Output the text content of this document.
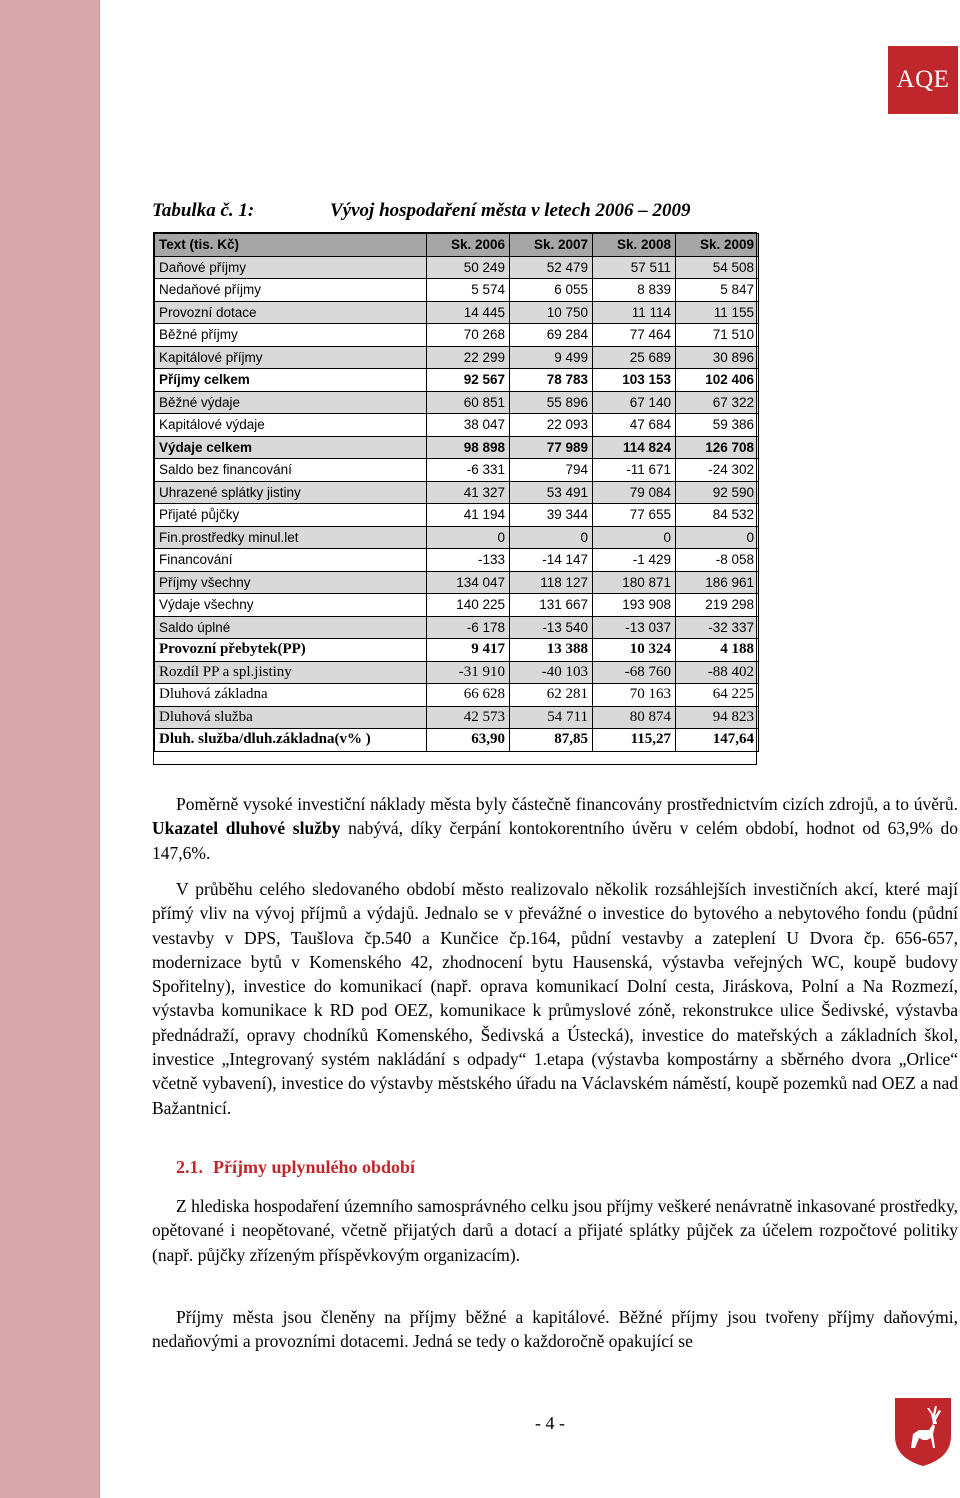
AQE
Tabulka č. 1:	Vývoj hospodaření města v letech 2006 – 2009
Text (tis. Kč)	Sk. 2006	Sk. 2007	Sk. 2008	Sk. 2009
Daňové příjmy	50 249	52 479	57 511	54 508
Nedaňové příjmy	5 574	6 055	8 839	5 847
Provozní dotace	14 445	10 750	11 114	11 155
Běžné příjmy	70 268	69 284	77 464	71 510
Kapitálové příjmy	22 299	9 499	25 689	30 896
Příjmy celkem	92 567	78 783	103 153	102 406
Běžné výdaje	60 851	55 896	67 140	67 322
Kapitálové výdaje	38 047	22 093	47 684	59 386
Výdaje celkem	98 898	77 989	114 824	126 708
Saldo bez financování	-6 331	794	-11 671	-24 302
Uhrazené splátky jistiny	41 327	53 491	79 084	92 590
Přijaté půjčky	41 194	39 344	77 655	84 532
Fin.prostředky minul.let	0	0	0	0
Financování	-133	-14 147	-1 429	-8 058
Příjmy všechny	134 047	118 127	180 871	186 961
Výdaje všechny	140 225	131 667	193 908	219 298
Saldo úplné	-6 178	-13 540	-13 037	-32 337
Provozní přebytek(PP)	9 417	13 388	10 324	4 188
Rozdíl PP a spl.jistiny	-31 910	-40 103	-68 760	-88 402
Dluhová základna	66 628	62 281	70 163	64 225
Dluhová služba	42 573	54 711	80 874	94 823
Dluh. služba/dluh.základna(v% )	63,90	87,85	115,27	147,64

Poměrně vysoké investiční náklady města byly částečně financovány prostřednictvím cizích zdrojů, a to úvěrů. Ukazatel dluhové služby nabývá, díky čerpání kontokorentního úvěru v celém období, hodnot od 63,9% do 147,6%.

V průběhu celého sledovaného období město realizovalo několik rozsáhlejších investičních akcí, které mají přímý vliv na vývoj příjmů a výdajů. Jednalo se v převážné o investice do bytového a nebytového fondu (půdní vestavby v DPS, Taušlova čp.540 a Kunčice čp.164, půdní vestavby a zateplení U Dvora čp. 656-657, modernizace bytů v Komenského 42, zhodnocení bytu Hausenská, výstavba veřejných WC, koupě budovy Spořitelny), investice do komunikací (např. oprava komunikací Dolní cesta, Jiráskova, Polní a Na Rozmezí, výstavba komunikace k RD pod OEZ, komunikace k průmyslové zóně, rekonstrukce ulice Šedivské, výstavba přednádraží, opravy chodníků Komenského, Šedivská a Ústecká), investice do mateřských a základních škol, investice „Integrovaný systém nakládání s odpady“ 1.etapa (výstavba kompostárny a sběrného dvora „Orlice“ včetně vybavení), investice do výstavby městského úřadu na Václavském náměstí, koupě pozemků nad OEZ a nad Bažantnicí.

2.1. Příjmy uplynulého období

Z hlediska hospodaření územního samosprávného celku jsou příjmy veškeré nenávratně inkasované prostředky, opětované i neopětované, včetně přijatých darů a dotací a přijaté splátky půjček za účelem rozpočtové politiky (např. půjčky zřízeným příspěvkovým organizacím).

Příjmy města jsou členěny na příjmy běžné a kapitálové. Běžné příjmy jsou tvořeny příjmy daňovými, nedaňovými a provozními dotacemi. Jedná se tedy o každoročně opakující se

- 4 -
